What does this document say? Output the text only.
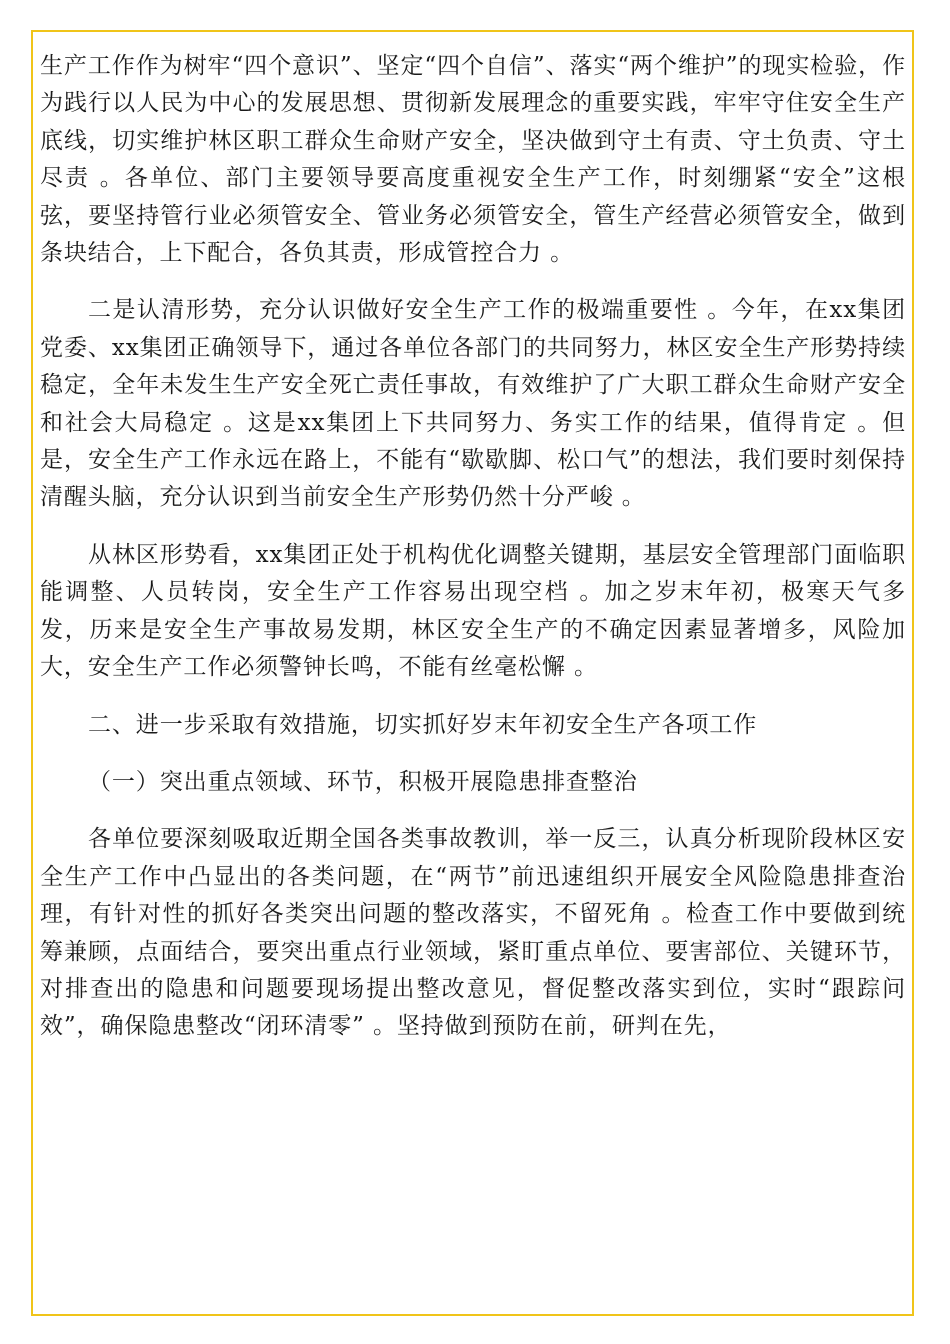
生产工作作为树牢“四个意识”、坚定“四个自信”、落实“两个维护”的现实检验，作为践行以人民为中心的发展思想、贯彻新发展理念的重要实践，牢牢守住安全生产底线，切实维护林区职工群众生命财产安全，坚决做到守土有责、守土负责、守土尽责 。各单位、部门主要领导要高度重视安全生产工作，时刻绷紧“安全”这根弦，要坚持管行业必须管安全、管业务必须管安全，管生产经营必须管安全，做到条块结合，上下配合，各负其责，形成管控合力 。

二是认清形势，充分认识做好安全生产工作的极端重要性 。今年，在xx集团党委、xx集团正确领导下，通过各单位各部门的共同努力，林区安全生产形势持续稳定，全年未发生生产安全死亡责任事故，有效维护了广大职工群众生命财产安全和社会大局稳定 。这是xx集团上下共同努力、务实工作的结果，值得肯定 。但是，安全生产工作永远在路上，不能有“歇歇脚、松口气”的想法，我们要时刻保持清醒头脑，充分认识到当前安全生产形势仍然十分严峻 。

从林区形势看，xx集团正处于机构优化调整关键期，基层安全管理部门面临职能调整、人员转岗，安全生产工作容易出现空档 。加之岁末年初，极寒天气多发，历来是安全生产事故易发期，林区安全生产的不确定因素显著增多，风险加大，安全生产工作必须警钟长鸣，不能有丝毫松懈 。

二、进一步采取有效措施，切实抓好岁末年初安全生产各项工作

（一）突出重点领域、环节，积极开展隐患排查整治

各单位要深刻吸取近期全国各类事故教训，举一反三，认真分析现阶段林区安全生产工作中凸显出的各类问题，在“两节”前迅速组织开展安全风险隐患排查治理，有针对性的抓好各类突出问题的整改落实，不留死角 。检查工作中要做到统筹兼顾，点面结合，要突出重点行业领域，紧盯重点单位、要害部位、关键环节，对排查出的隐患和问题要现场提出整改意见，督促整改落实到位，实时“跟踪问效”，确保隐患整改“闭环清零” 。坚持做到预防在前，研判在先，
